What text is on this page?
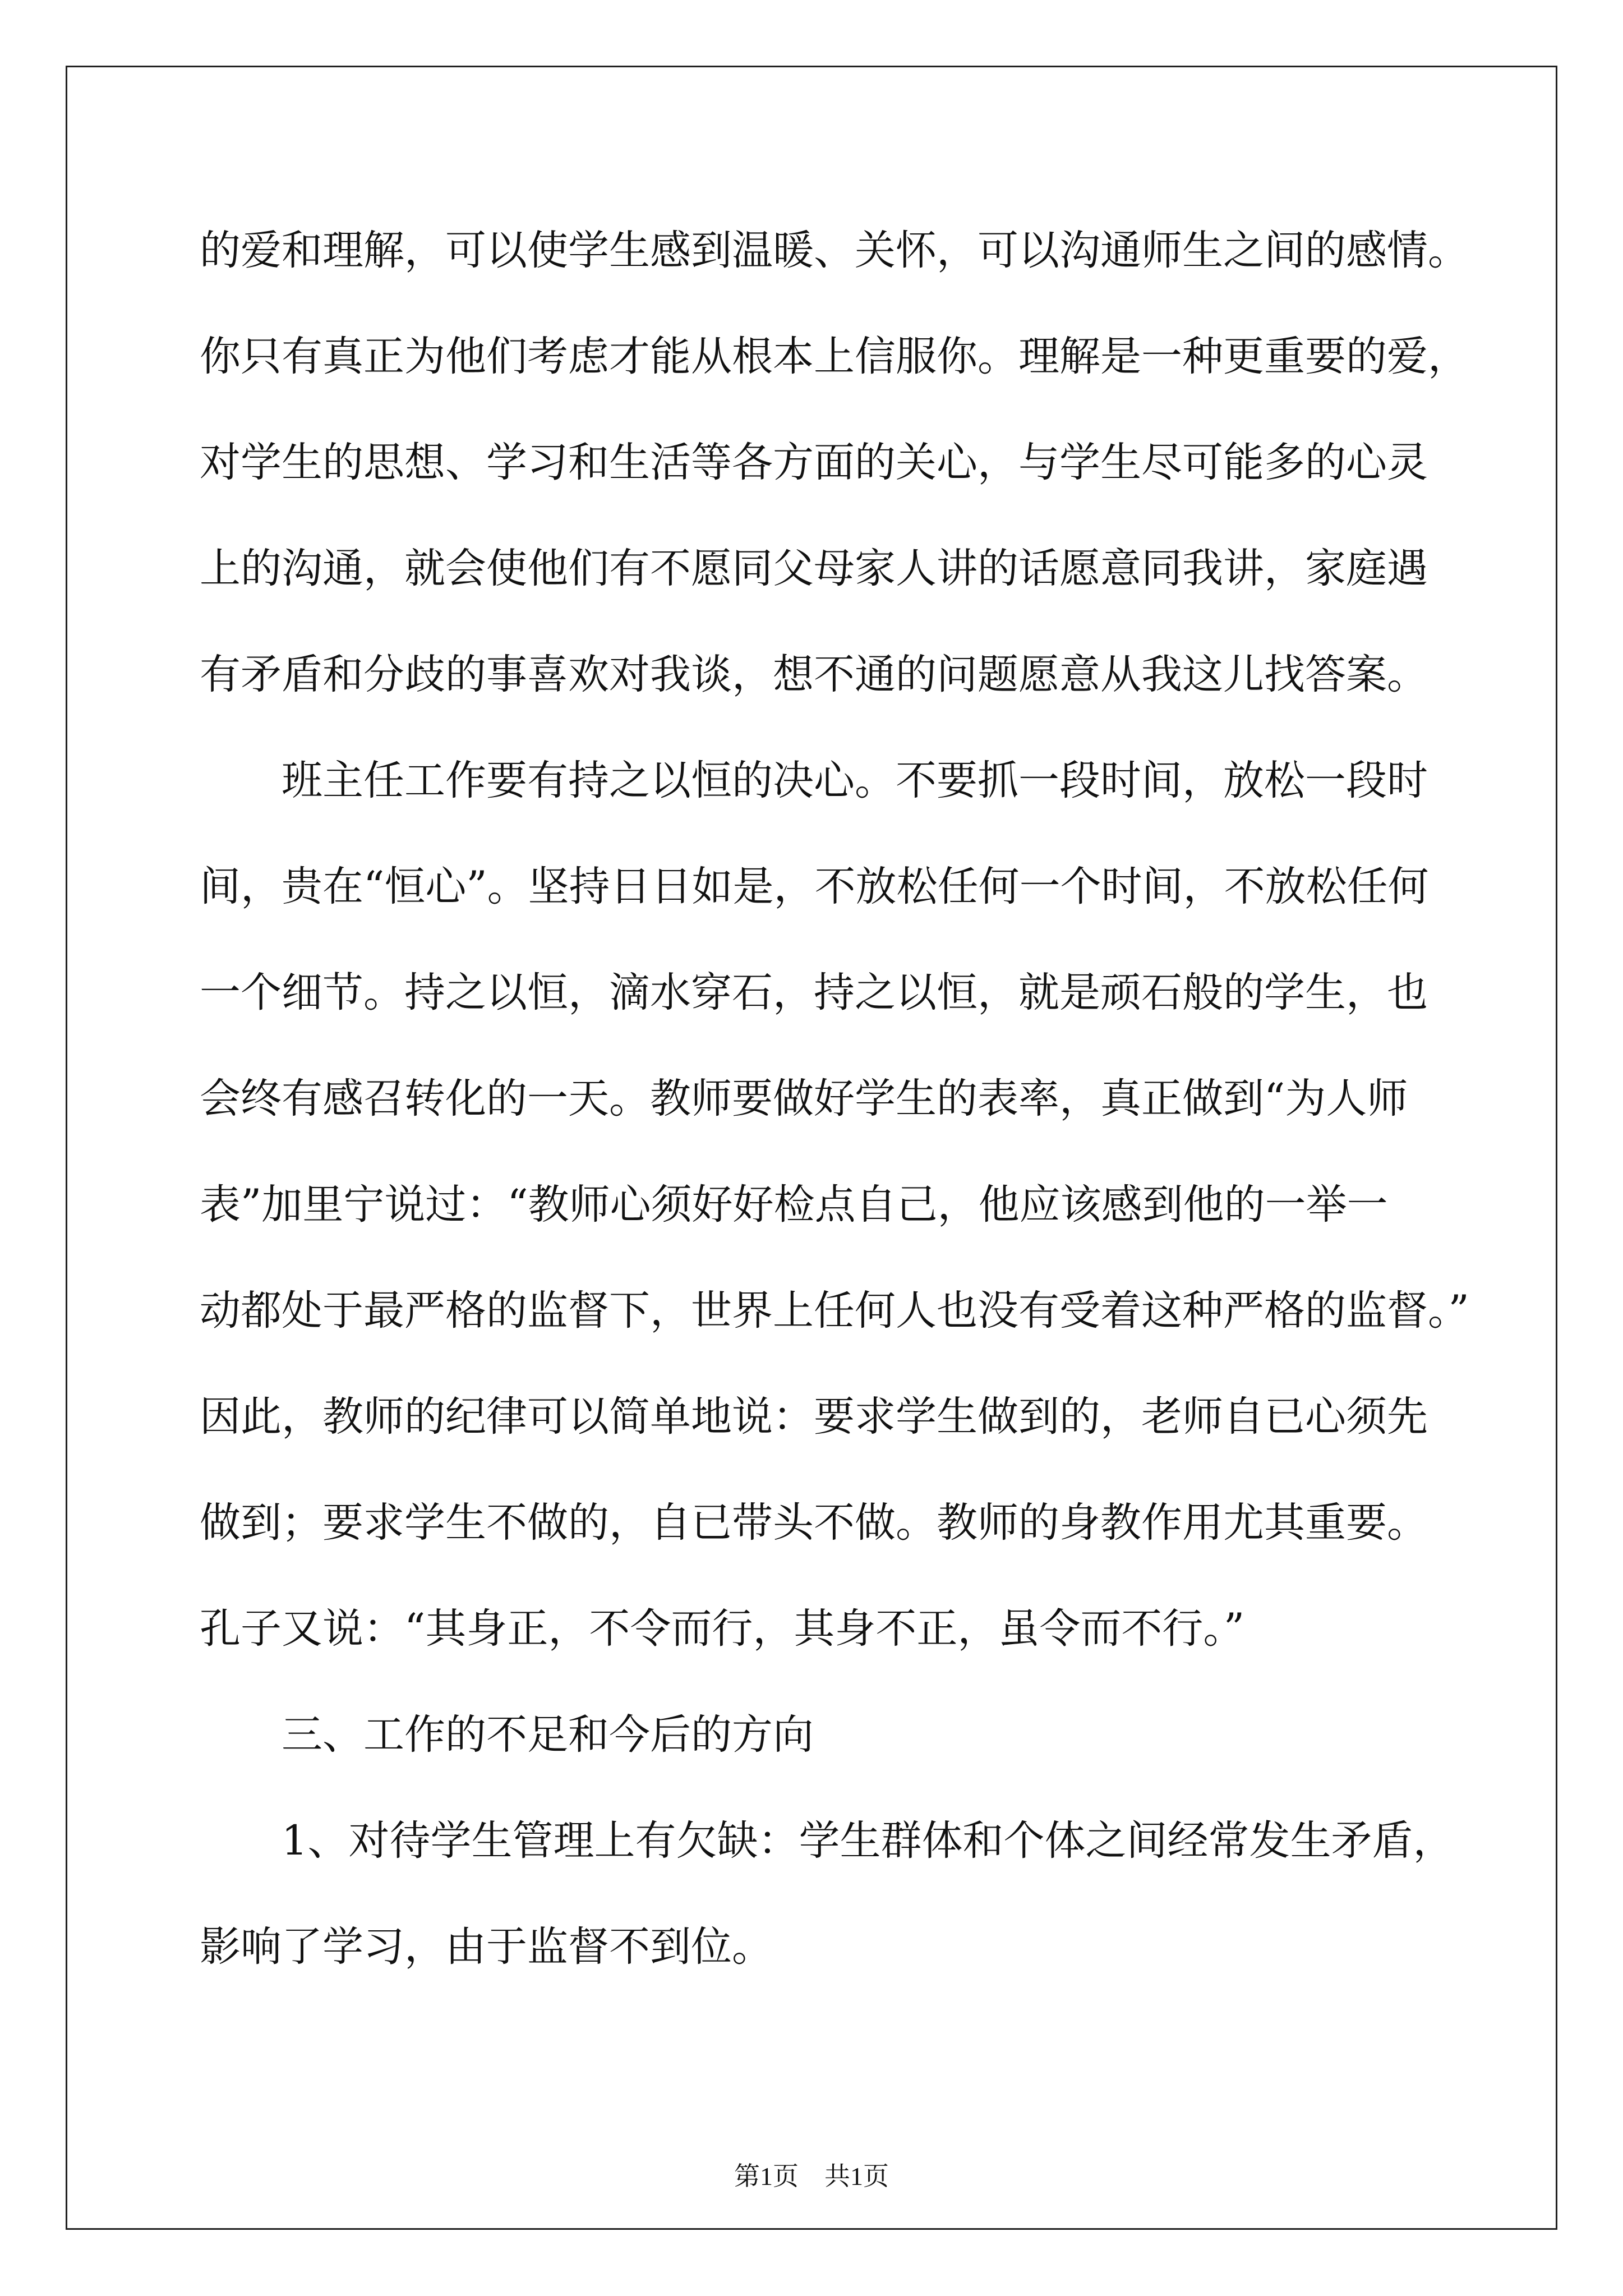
的爱和理解，可以使学生感到温暖、关怀，可以沟通师生之间的感情。

你只有真正为他们考虑才能从根本上信服你。理解是一种更重要的爱，

对学生的思想、学习和生活等各方面的关心，与学生尽可能多的心灵

上的沟通，就会使他们有不愿同父母家人讲的话愿意同我讲，家庭遇

有矛盾和分歧的事喜欢对我谈，想不通的问题愿意从我这儿找答案。

　　班主任工作要有持之以恒的决心。不要抓一段时间，放松一段时

间，贵在“恒心”。坚持日日如是，不放松任何一个时间，不放松任何

一个细节。持之以恒，滴水穿石，持之以恒，就是顽石般的学生，也

会终有感召转化的一天。教师要做好学生的表率，真正做到“为人师

表”加里宁说过：“教师心须好好检点自己，他应该感到他的一举一

动都处于最严格的监督下，世界上任何人也没有受着这种严格的监督。”

因此，教师的纪律可以简单地说：要求学生做到的，老师自已心须先

做到；要求学生不做的，自已带头不做。教师的身教作用尤其重要。

孔子又说：“其身正，不令而行，其身不正，虽令而不行。”

　　三、工作的不足和今后的方向

　　1、对待学生管理上有欠缺：学生群体和个体之间经常发生矛盾，

影响了学习，由于监督不到位。

第1页　共1页
